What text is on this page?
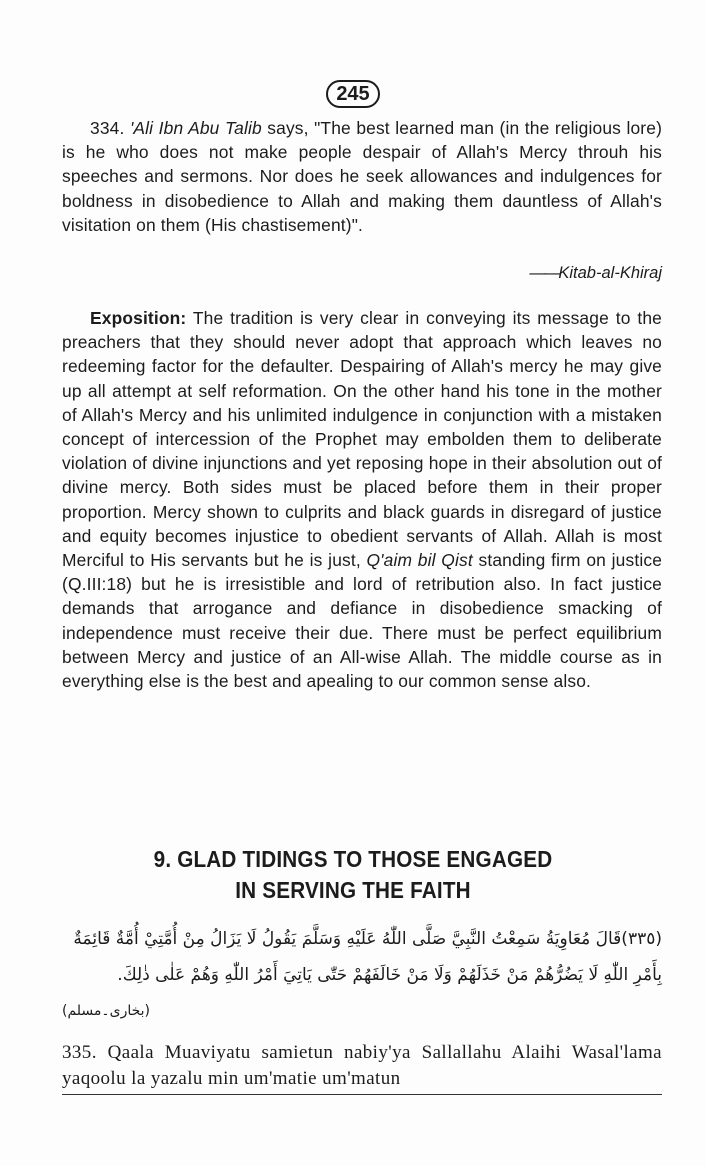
245

334. 'Ali Ibn Abu Talib says, "The best learned man (in the religious lore) is he who does not make people despair of Allah's Mercy throuh his speeches and sermons. Nor does he seek allowances and indulgences for boldness in disobedience to Allah and making them dauntless of Allah's visitation on them (His chastisement)".

——Kitab-al-Khiraj

Exposition: The tradition is very clear in conveying its message to the preachers that they should never adopt that approach which leaves no redeeming factor for the defaulter. Despairing of Allah's mercy he may give up all attempt at self reformation. On the other hand his tone in the mother of Allah's Mercy and his unlimited indulgence in conjunction with a mistaken concept of intercession of the Prophet may embolden them to deliberate violation of divine injunctions and yet reposing hope in their absolution out of divine mercy. Both sides must be placed before them in their proper proportion. Mercy shown to culprits and black guards in disregard of justice and equity becomes injustice to obedient servants of Allah. Allah is most Merciful to His servants but he is just, Q'aim bil Qist standing firm on justice (Q.III:18) but he is irresistible and lord of retribution also. In fact justice demands that arrogance and defiance in disobedience smacking of independence must receive their due. There must be perfect equilibrium between Mercy and justice of an All-wise Allah. The middle course as in everything else is the best and apealing to our common sense also.

9. GLAD TIDINGS TO THOSE ENGAGED
IN SERVING THE FAITH
(٣٣٥)قَالَ مُعَاوِيَةُ سَمِعْتُ النَّبِيَّ صَلَّى اللّٰهُ عَلَيْهِ وَسَلَّمَ يَقُولُ لَا يَزَالُ مِنْ أُمَّتِيْ أُمَّةٌ قَائِمَةٌ
بِأَمْرِ اللّٰهِ لَا يَضُرُّهُمْ مَنْ خَذَلَهُمْ وَلَا مَنْ خَالَفَهُمْ حَتّٰى يَاتِيَ أَمْرُ اللّٰهِ وَهُمْ عَلٰى ذٰلِكَ.
(بخاری۔مسلم)
335. Qaala Muaviyatu samietun nabiy'ya Sallallahu Alaihi Wasal'lama yaqoolu la yazalu min um'matie um'matun
